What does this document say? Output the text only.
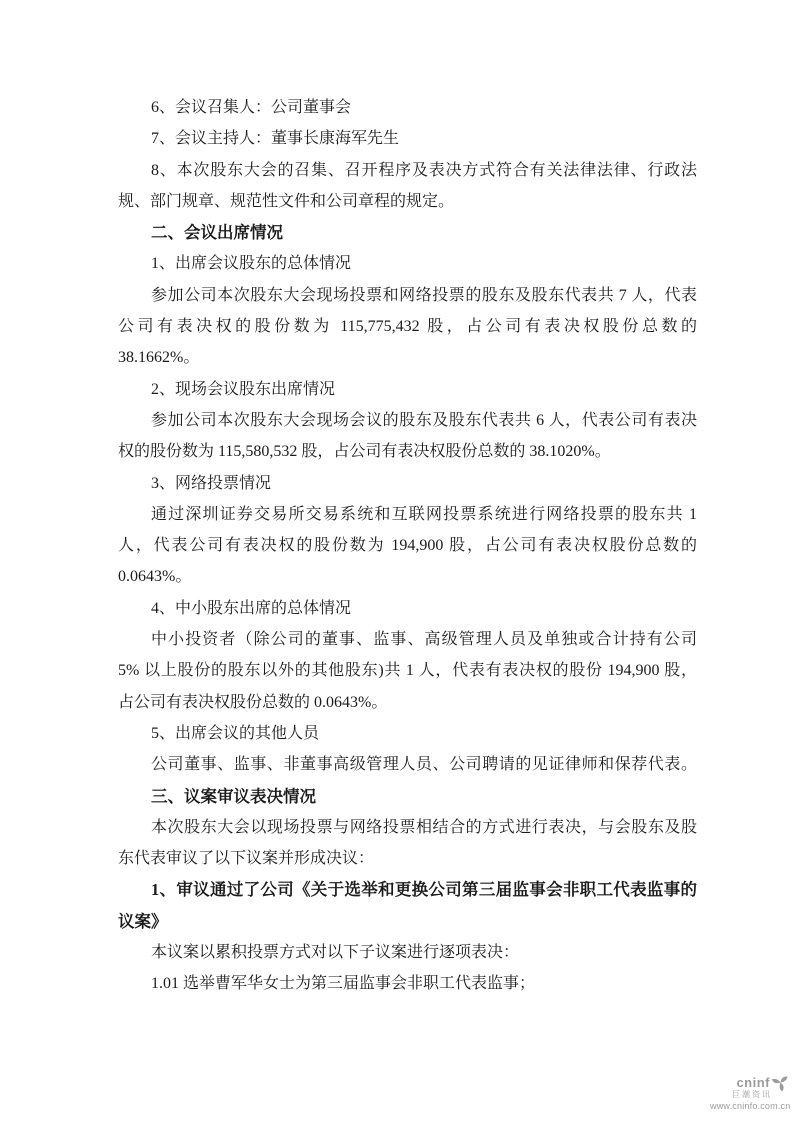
6、会议召集人：公司董事会
7、会议主持人：董事长康海军先生
8、本次股东大会的召集、召开程序及表决方式符合有关法律法律、行政法
规、部门规章、规范性文件和公司章程的规定。
二、会议出席情况
1、出席会议股东的总体情况
参加公司本次股东大会现场投票和网络投票的股东及股东代表共 7 人，代表
公司有表决权的股份数为 115,775,432 股，占公司有表决权股份总数的
38.1662%。
2、现场会议股东出席情况
参加公司本次股东大会现场会议的股东及股东代表共 6 人，代表公司有表决
权的股份数为 115,580,532 股，占公司有表决权股份总数的 38.1020%。
3、网络投票情况
通过深圳证券交易所交易系统和互联网投票系统进行网络投票的股东共 1
人，代表公司有表决权的股份数为 194,900 股，占公司有表决权股份总数的
0.0643%。
4、中小股东出席的总体情况
中小投资者（除公司的董事、监事、高级管理人员及单独或合计持有公司
5% 以上股份的股东以外的其他股东)共 1 人，代表有表决权的股份 194,900 股，
占公司有表决权股份总数的 0.0643%。
5、出席会议的其他人员
公司董事、监事、非董事高级管理人员、公司聘请的见证律师和保荐代表。
三、议案审议表决情况
本次股东大会以现场投票与网络投票相结合的方式进行表决，与会股东及股
东代表审议了以下议案并形成决议：
1、审议通过了公司《关于选举和更换公司第三届监事会非职工代表监事的
议案》
本议案以累积投票方式对以下子议案进行逐项表决：
1.01 选举曹军华女士为第三届监事会非职工代表监事；
cninf
巨潮资讯
www.cninfo.com.cn
